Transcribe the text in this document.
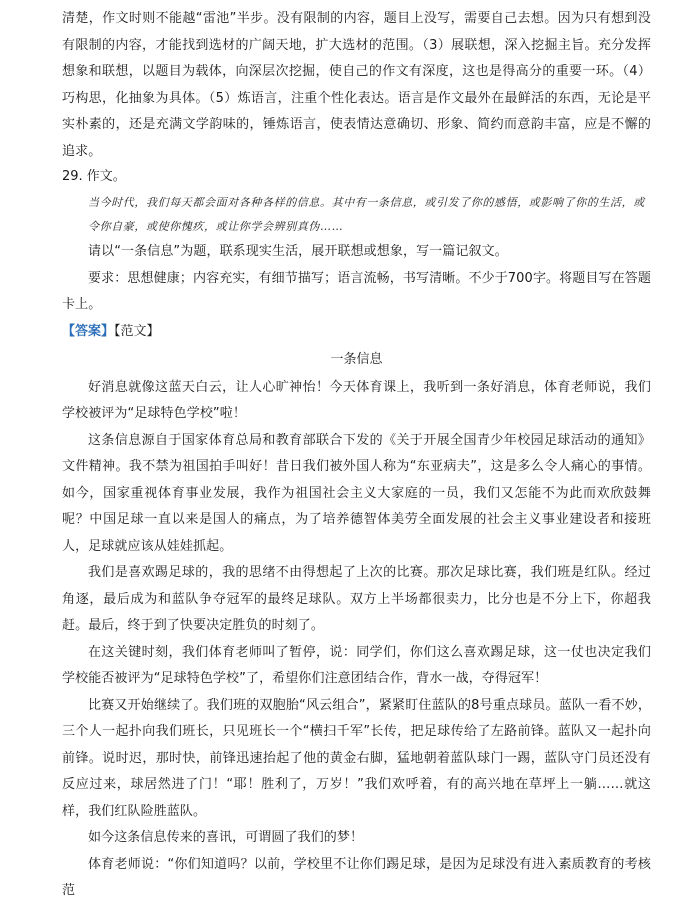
清楚，作文时则不能越“雷池”半步。没有限制的内容，题目上没写，需要自己去想。因为只有想到没有限制的内容，才能找到选材的广阔天地，扩大选材的范围。（3）展联想，深入挖掘主旨。充分发挥想象和联想，以题目为载体，向深层次挖掘，使自己的作文有深度，这也是得高分的重要一环。（4）巧构思，化抽象为具体。（5）炼语言，注重个性化表达。语言是作文最外在最鲜活的东西，无论是平实朴素的，还是充满文学韵味的，锤炼语言，使表情达意确切、形象、简约而意韵丰富，应是不懈的追求。

29. 作文。

当今时代，我们每天都会面对各种各样的信息。其中有一条信息，或引发了你的感悟，或影响了你的生活，或令你自豪，或使你愧疚，或让你学会辨别真伪……

请以“一条信息”为题，联系现实生活，展开联想或想象，写一篇记叙文。

要求：思想健康；内容充实，有细节描写；语言流畅，书写清晰。不少于700字。将题目写在答题卡上。

【答案】【范文】

一条信息

好消息就像这蓝天白云，让人心旷神怡！今天体育课上，我听到一条好消息，体育老师说，我们学校被评为“足球特色学校”啦！

这条信息源自于国家体育总局和教育部联合下发的《关于开展全国青少年校园足球活动的通知》文件精神。我不禁为祖国拍手叫好！昔日我们被外国人称为“东亚病夫”，这是多么令人痛心的事情。如今，国家重视体育事业发展，我作为祖国社会主义大家庭的一员，我们又怎能不为此而欢欣鼓舞呢？中国足球一直以来是国人的痛点，为了培养德智体美劳全面发展的社会主义事业建设者和接班人，足球就应该从娃娃抓起。

我们是喜欢踢足球的，我的思绪不由得想起了上次的比赛。那次足球比赛，我们班是红队。经过角逐，最后成为和蓝队争夺冠军的最终足球队。双方上半场都很卖力，比分也是不分上下，你超我赶。最后，终于到了快要决定胜负的时刻了。

在这关键时刻，我们体育老师叫了暂停，说：同学们，你们这么喜欢踢足球，这一仗也决定我们学校能否被评为“足球特色学校”了，希望你们注意团结合作，背水一战，夺得冠军！

比赛又开始继续了。我们班的双胞胎“风云组合”，紧紧盯住蓝队的8号重点球员。蓝队一看不妙，三个人一起扑向我们班长，只见班长一个“横扫千军”长传，把足球传给了左路前锋。蓝队又一起扑向前锋。说时迟，那时快，前锋迅速抬起了他的黄金右脚，猛地朝着蓝队球门一踢，蓝队守门员还没有反应过来，球居然进了门！“耶！胜利了，万岁！”我们欢呼着，有的高兴地在草坪上一躺……就这样，我们红队险胜蓝队。

如今这条信息传来的喜讯，可谓圆了我们的梦！

体育老师说：“你们知道吗？以前，学校里不让你们踢足球，是因为足球没有进入素质教育的考核范
